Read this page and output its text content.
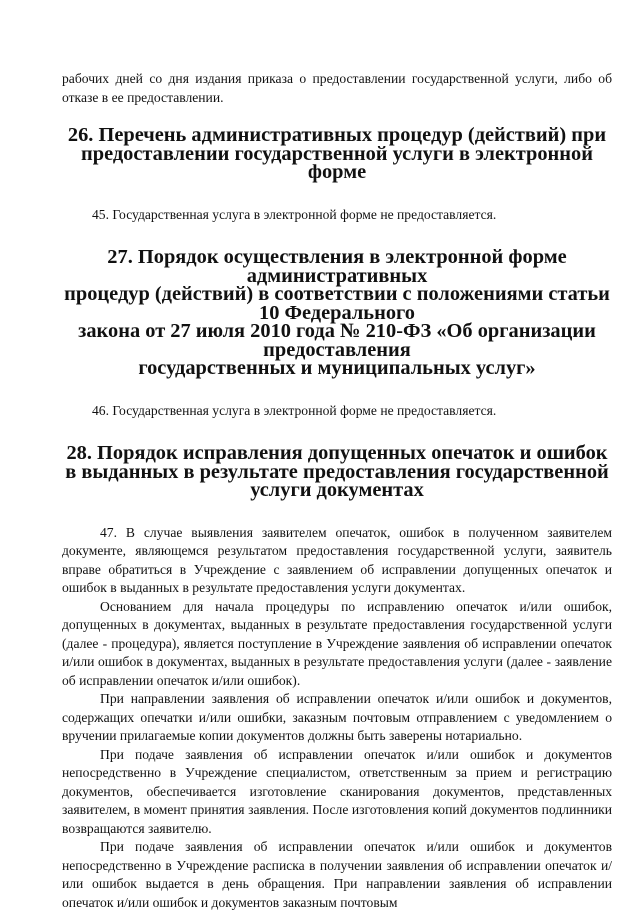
рабочих дней со дня издания приказа о предоставлении государственной услуги, либо об отказе в ее предоставлении.

26. Перечень административных процедур (действий) при
предоставлении государственной услуги в электронной форме

45. Государственная услуга в электронной форме не предоставляется.

27. Порядок осуществления в электронной форме административных
процедур (действий) в соответствии с положениями статьи 10 Федерального
закона от 27 июля 2010 года № 210-ФЗ «Об организации предоставления
государственных и муниципальных услуг»

46. Государственная услуга в электронной форме не предоставляется.

28. Порядок исправления допущенных опечаток и ошибок
в выданных в результате предоставления государственной
услуги документах

47. В случае выявления заявителем опечаток, ошибок в полученном заявителем документе, являющемся результатом предоставления государственной услуги, заявитель вправе обратиться в Учреждение с заявлением об исправлении допущенных опечаток и ошибок в выданных в результате предоставления услуги документах.

Основанием для начала процедуры по исправлению опечаток и/или ошибок, допущенных в документах, выданных в результате предоставления государственной услуги (далее - процедура), является поступление в Учреждение заявления об исправлении опечаток и/или ошибок в документах, выданных в результате предоставления услуги (далее - заявление об исправлении опечаток и/или ошибок).

При направлении заявления об исправлении опечаток и/или ошибок и документов, содержащих опечатки и/или ошибки, заказным почтовым отправлением с уведомлением о вручении прилагаемые копии документов должны быть заверены нотариально.

При подаче заявления об исправлении опечаток и/или ошибок и документов непосредственно в Учреждение специалистом, ответственным за прием и регистрацию документов, обеспечивается изготовление сканирования документов, представленных заявителем, в момент принятия заявления. После изготовления копий документов подлинники возвращаются заявителю.

При подаче заявления об исправлении опечаток и/или ошибок и документов непосредственно в Учреждение расписка в получении заявления об исправлении опечаток и/или ошибок выдается в день обращения. При направлении заявления об исправлении опечаток и/или ошибок и документов заказным почтовым
